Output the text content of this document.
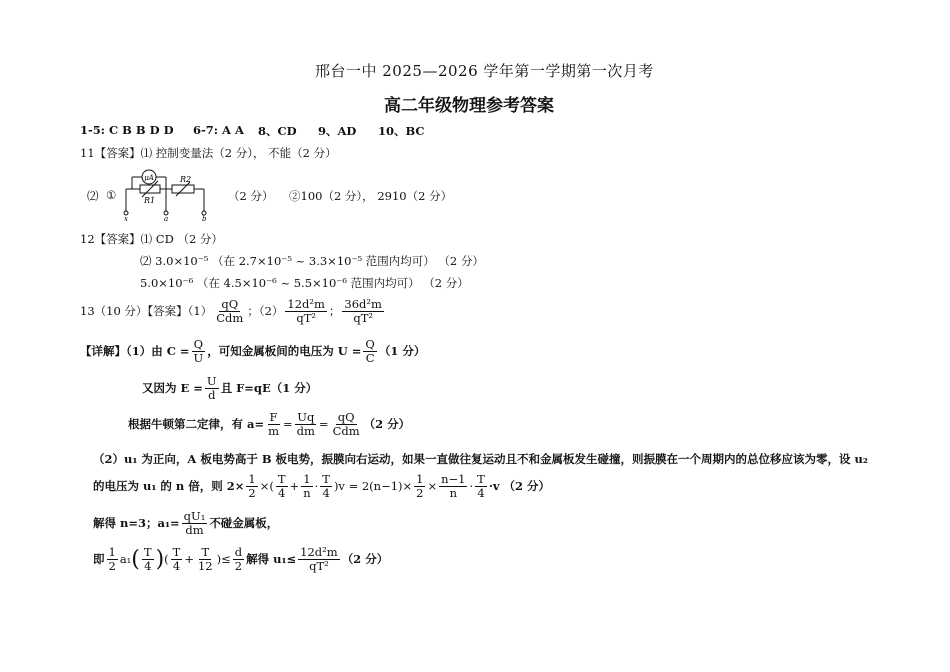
邢台一中 2025—2026 学年第一学期第一次月考
高二年级物理参考答案
1-5: C B B D D 6-7: A A 8、CD 9、AD 10、BC
11【答案】⑴ 控制变量法（2 分）， 不能（2 分）
⑵ ①
μA
R1
R2
x	a	b
（2 分） ②100（2 分）， 2910（2 分）
12【答案】⑴ CD （2 分）
⑵ 3.0×10⁻⁵ （在 2.7×10⁻⁵ ~ 3.3×10⁻⁵ 范围内均可） （2 分）
5.0×10⁻⁶ （在 4.5×10⁻⁶ ~ 5.5×10⁻⁶ 范围内均可） （2 分）
13（10 分）【答案】（1）
qQ
Cdm ；（2）
12d²m
qT² ；
36d²m
qT²
【详解】（1）由 $C = \frac{Q}{U}$ ，可知金属板间的电压为 $U = \frac{Q}{C} (1$ 分）
又因为 $E = \frac{U}{d}$ 且 F=qE（1 分）
根据牛顿第二定律，有 $a= \frac{F}{m} = \frac{Uq}{dm}$ =
qQ
Cdm （2 分）
（2）u₁ 为正向，A 板电势高于 B 板电势，振膜向右运动，如果一直做往复运动且不和金属板发生碰撞，则振膜在一个周期内的总位移应该为零，设 u₂
的电压为 u₁ 的 n 倍，则 $2\times \frac{1}{2}$ ×(
T
$4 + \frac{1}{n}$ ·
T
4 )$v = 2(n-1)\times \frac{1}{2} \times \frac{n-1}{n}$ ·
T
4 ·v （2 分）
解得 n=3；$a_1= \frac{\text{qU₁}}{dm}$ 不碰金属板，
即
1
2 a₁ ( T
4 ) (
T
$4 + \frac{T}{12}$ ) ≤ $\frac{d}{2}$ 解得 $u_1\le \frac{\text{12d²m}}{\text{qT²}} (2$ 分）
